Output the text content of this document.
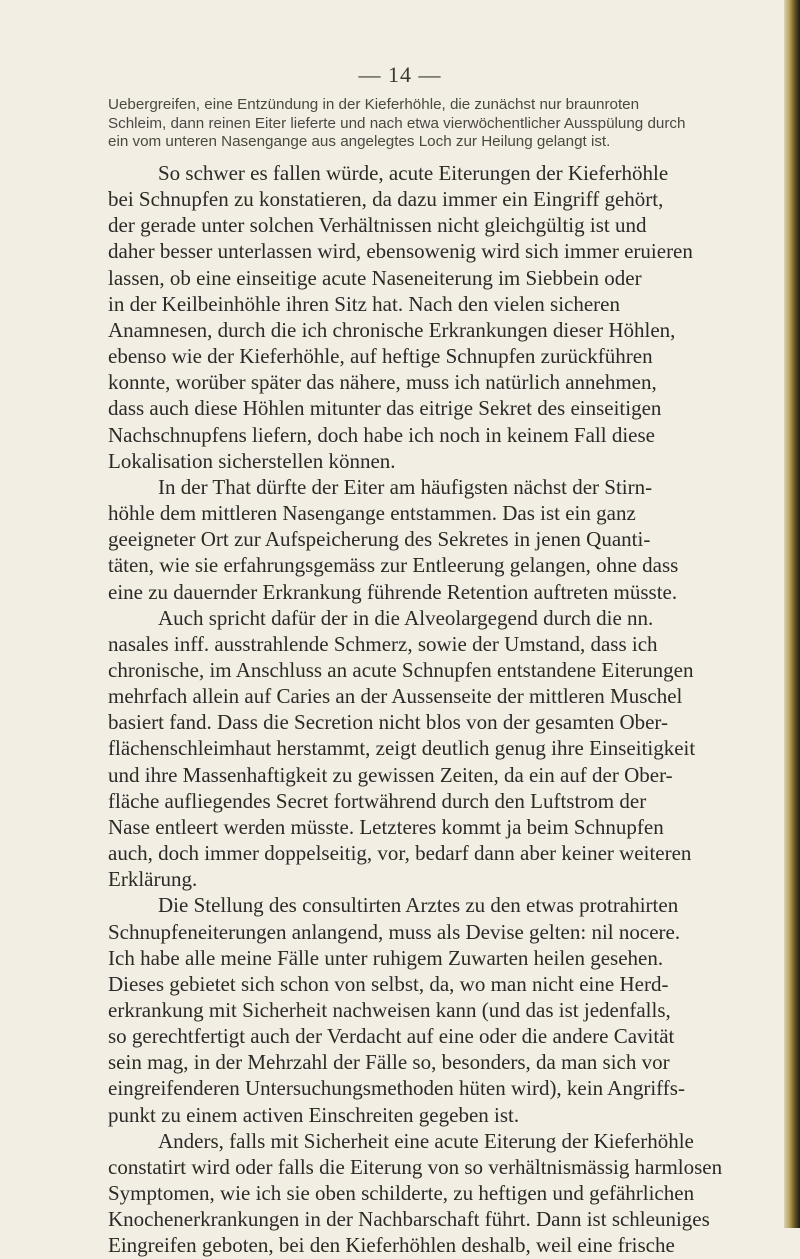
— 14 —
Uebergreifen, eine Entzündung in der Kieferhöhle, die zunächst nur braunroten
Schleim, dann reinen Eiter lieferte und nach etwa vierwöchentlicher Ausspülung durch
ein vom unteren Nasengange aus angelegtes Loch zur Heilung gelangt ist.
So schwer es fallen würde, acute Eiterungen der Kieferhöhle
bei Schnupfen zu konstatieren, da dazu immer ein Eingriff gehört,
der gerade unter solchen Verhältnissen nicht gleichgültig ist und
daher besser unterlassen wird, ebensowenig wird sich immer eruieren
lassen, ob eine einseitige acute Naseneiterung im Siebbein oder
in der Keilbeinhöhle ihren Sitz hat. Nach den vielen sicheren
Anamnesen, durch die ich chronische Erkrankungen dieser Höhlen,
ebenso wie der Kieferhöhle, auf heftige Schnupfen zurückführen
konnte, worüber später das nähere, muss ich natürlich annehmen,
dass auch diese Höhlen mitunter das eitrige Sekret des einseitigen
Nachschnupfens liefern, doch habe ich noch in keinem Fall diese
Lokalisation sicherstellen können.
In der That dürfte der Eiter am häufigsten nächst der Stirn-
höhle dem mittleren Nasengange entstammen. Das ist ein ganz
geeigneter Ort zur Aufspeicherung des Sekretes in jenen Quanti-
täten, wie sie erfahrungsgemäss zur Entleerung gelangen, ohne dass
eine zu dauernder Erkrankung führende Retention auftreten müsste.
Auch spricht dafür der in die Alveolargegend durch die nn.
nasales inff. ausstrahlende Schmerz, sowie der Umstand, dass ich
chronische, im Anschluss an acute Schnupfen entstandene Eiterungen
mehrfach allein auf Caries an der Aussenseite der mittleren Muschel
basiert fand. Dass die Secretion nicht blos von der gesamten Ober-
flächenschleimhaut herstammt, zeigt deutlich genug ihre Einseitigkeit
und ihre Massenhaftigkeit zu gewissen Zeiten, da ein auf der Ober-
fläche aufliegendes Secret fortwährend durch den Luftstrom der
Nase entleert werden müsste. Letzteres kommt ja beim Schnupfen
auch, doch immer doppelseitig, vor, bedarf dann aber keiner weiteren
Erklärung.
Die Stellung des consultirten Arztes zu den etwas protrahirten
Schnupfeneiterungen anlangend, muss als Devise gelten: nil nocere.
Ich habe alle meine Fälle unter ruhigem Zuwarten heilen gesehen.
Dieses gebietet sich schon von selbst, da, wo man nicht eine Herd-
erkrankung mit Sicherheit nachweisen kann (und das ist jedenfalls,
so gerechtfertigt auch der Verdacht auf eine oder die andere Cavität
sein mag, in der Mehrzahl der Fälle so, besonders, da man sich vor
eingreifenderen Untersuchungsmethoden hüten wird), kein Angriffs-
punkt zu einem activen Einschreiten gegeben ist.
Anders, falls mit Sicherheit eine acute Eiterung der Kieferhöhle
constatirt wird oder falls die Eiterung von so verhältnismässig harmlosen
Symptomen, wie ich sie oben schilderte, zu heftigen und gefährlichen
Knochenerkrankungen in der Nachbarschaft führt. Dann ist schleuniges
Eingreifen geboten, bei den Kieferhöhlen deshalb, weil eine frische
